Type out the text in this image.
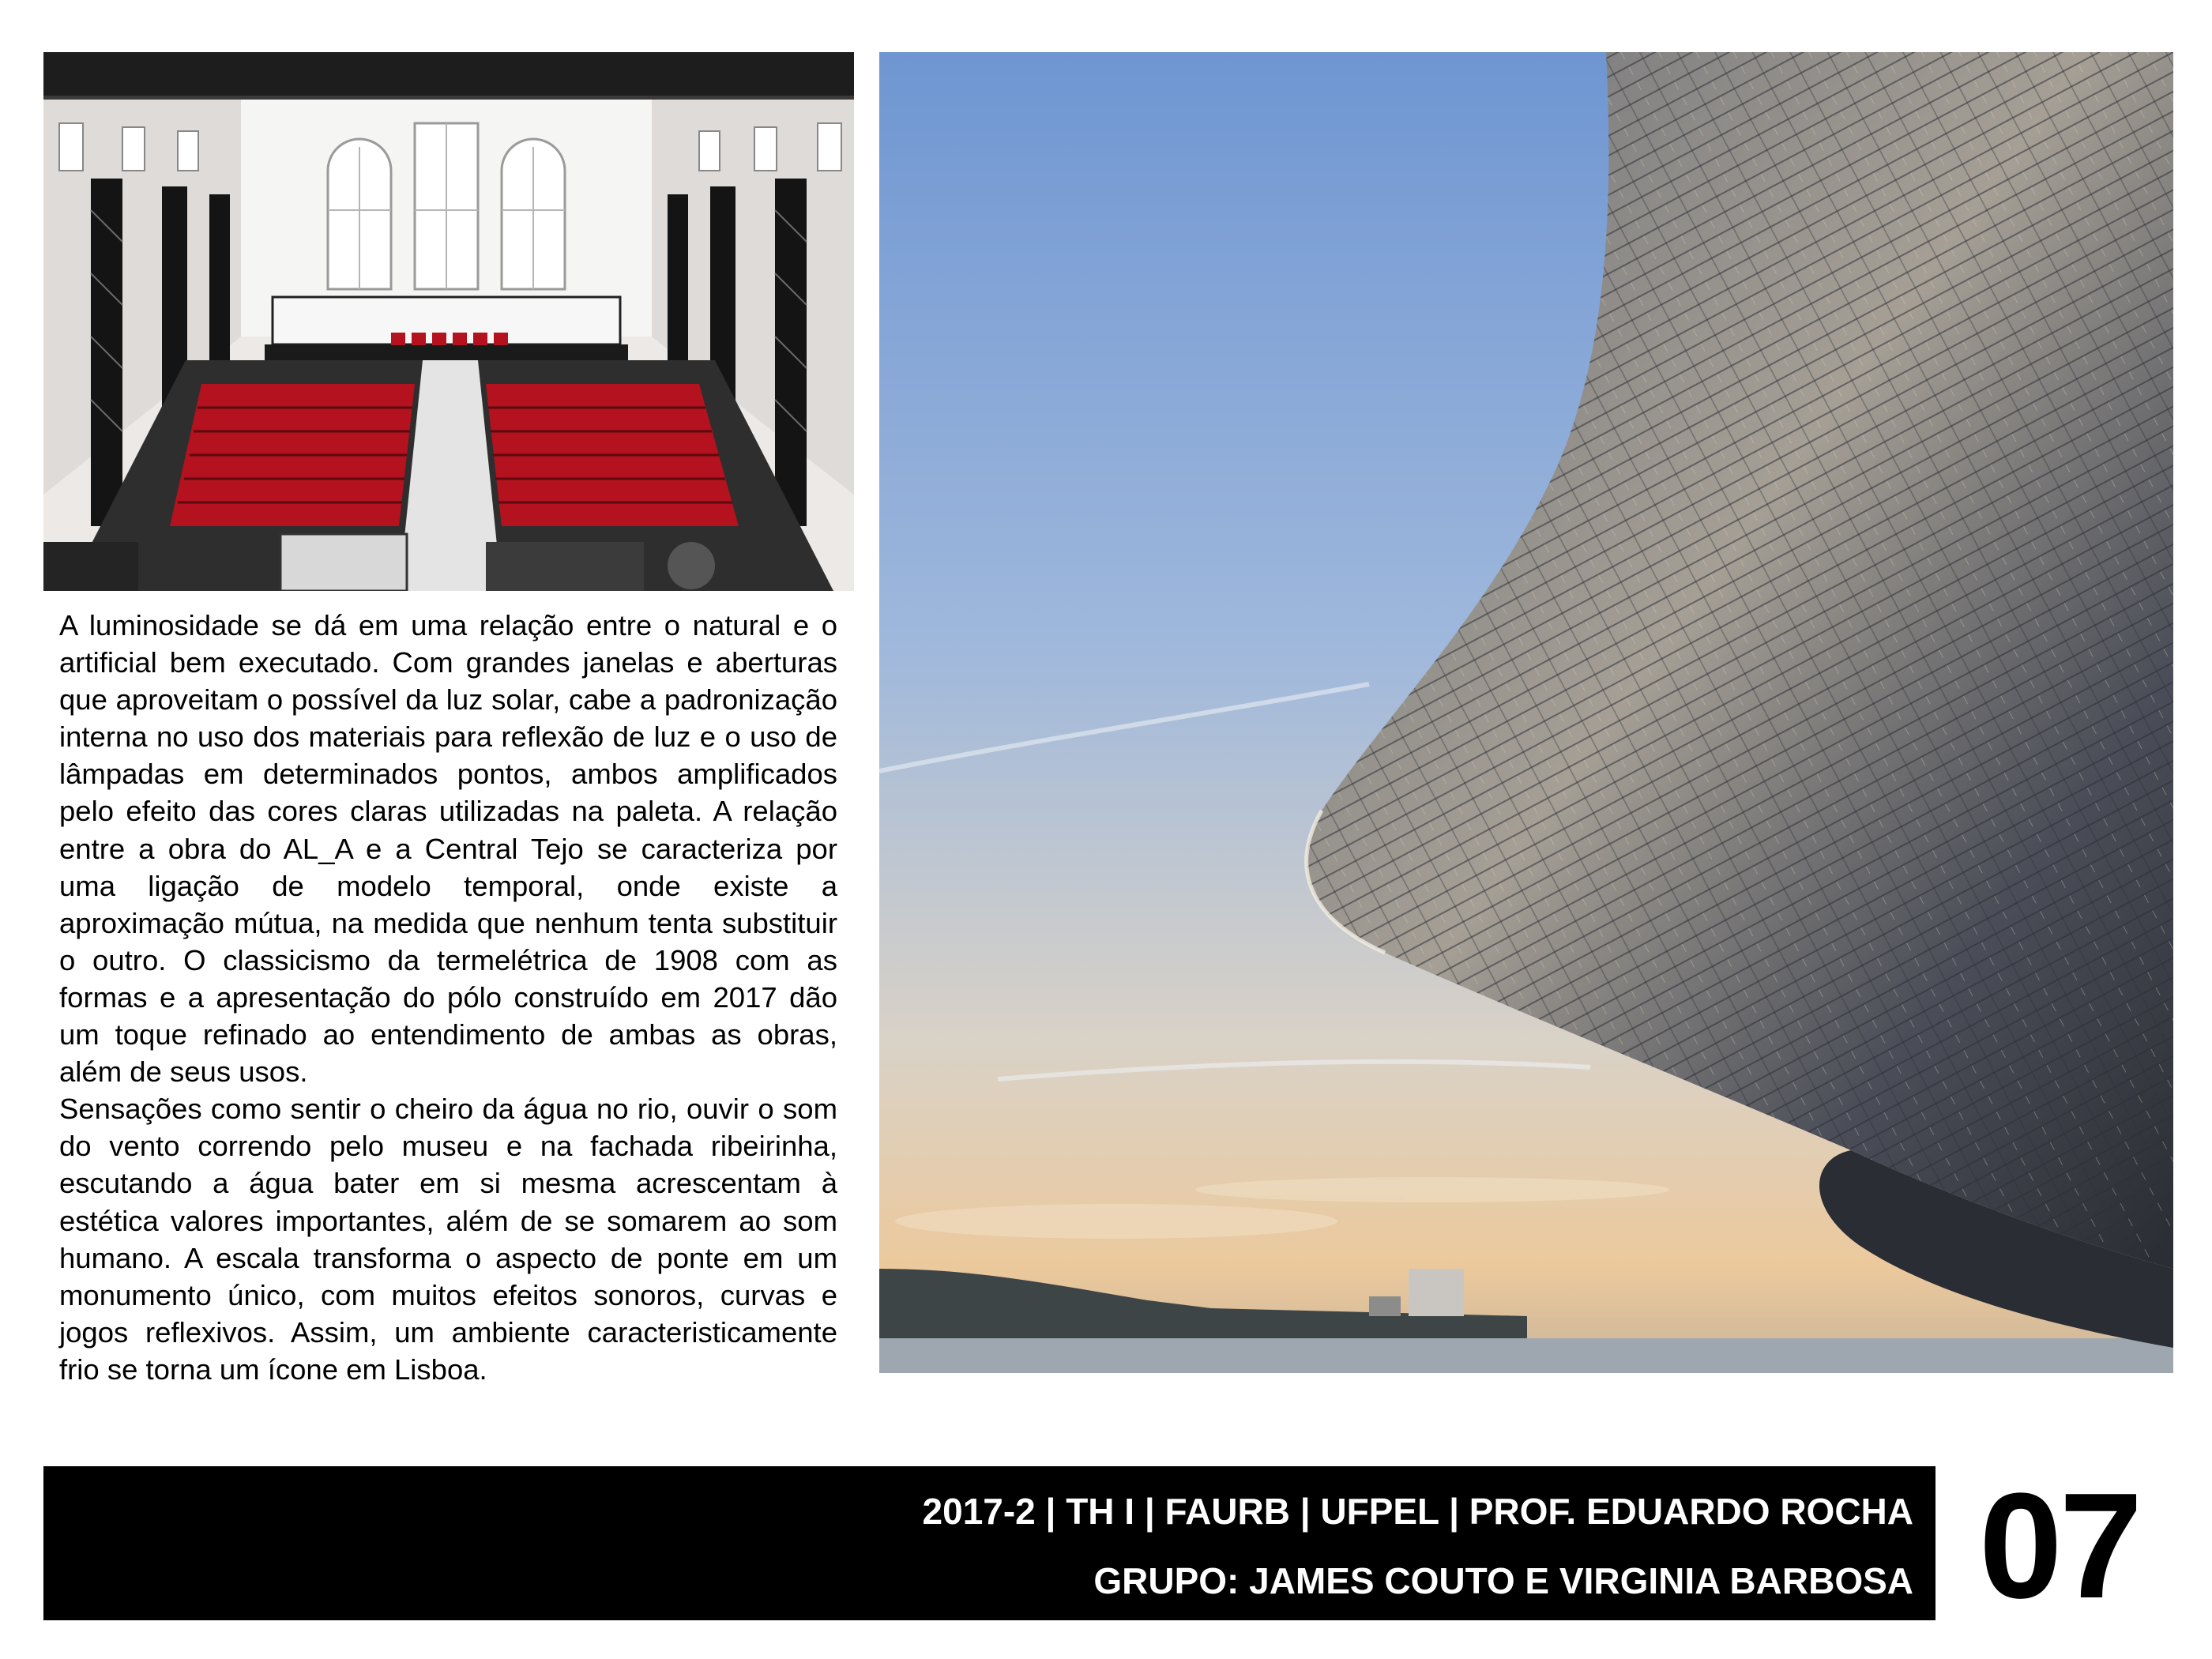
A luminosidade se dá em uma relação entre o natural e o artificial bem executado. Com grandes janelas e aberturas que aproveitam o possível da luz solar, cabe a padronização interna no uso dos materiais para reflexão de luz e o uso de lâmpadas em determinados pontos, ambos amplificados pelo efeito das cores claras utilizadas na paleta. A relação entre a obra do AL_A e a Central Tejo se caracteriza por uma ligação de modelo temporal, onde existe a aproximação mútua, na medida que nenhum tenta substituir o outro. O classicismo da termelétrica de 1908 com as formas e a apresentação do pólo construído em 2017 dão um toque refinado ao entendimento de ambas as obras, além de seus usos.

Sensações como sentir o cheiro da água no rio, ouvir o som do vento correndo pelo museu e na fachada ribeirinha, escutando a água bater em si mesma acrescentam à estética valores importantes, além de se somarem ao som humano. A escala transforma o aspecto de ponte em um monumento único, com muitos efeitos sonoros, curvas e jogos reflexivos. Assim, um ambiente caracteristicamente frio se torna um ícone em Lisboa.

2017-2 | TH I | FAURB | UFPEL | PROF. EDUARDO ROCHA
GRUPO: JAMES COUTO E VIRGINIA BARBOSA 07
